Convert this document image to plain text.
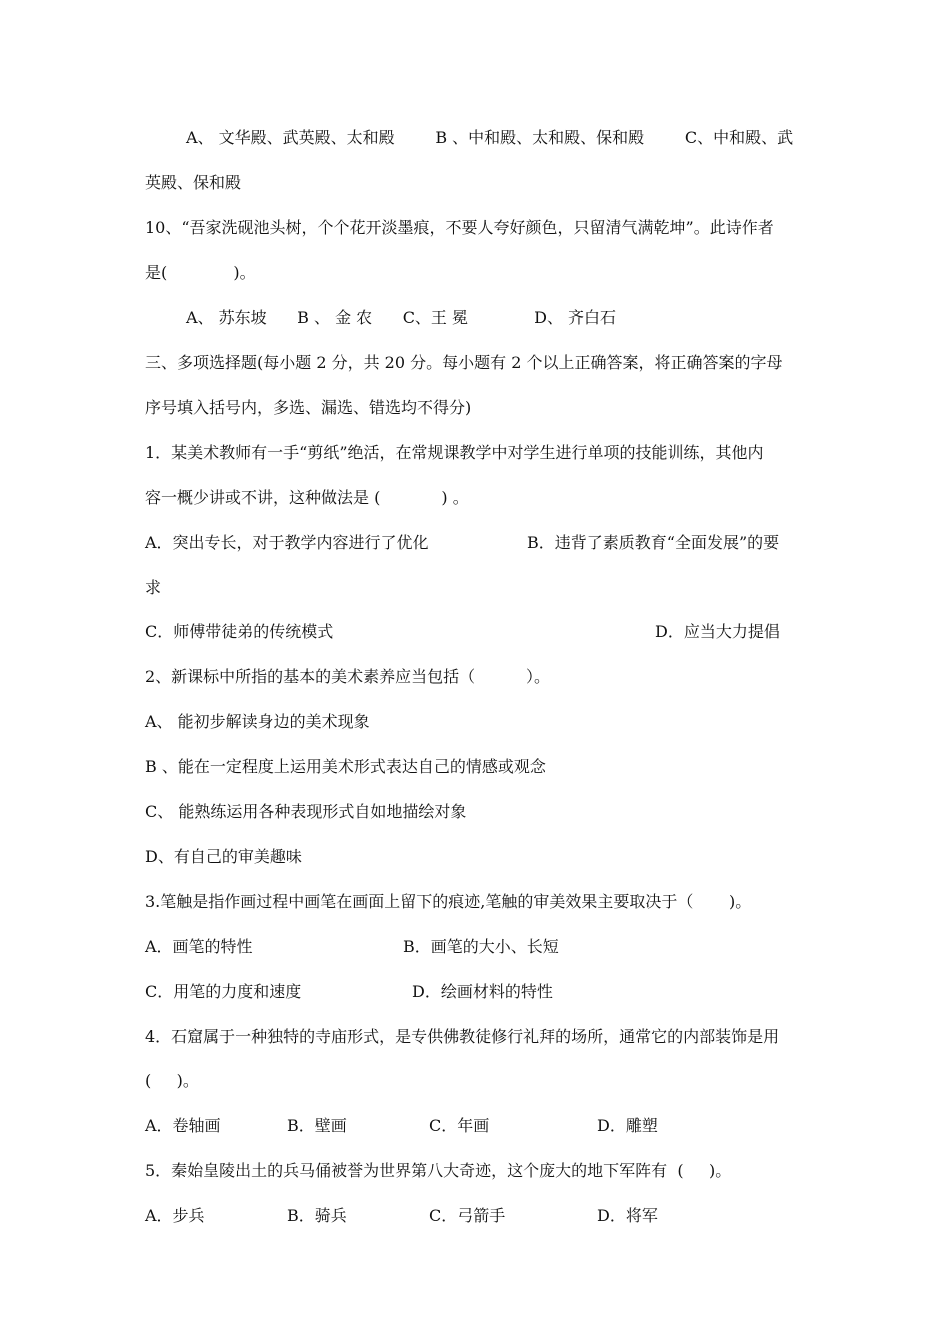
A、 文华殿、武英殿、太和殿        B 、中和殿、太和殿、保和殿        C、中和殿、武
英殿、保和殿
10、“吾家洗砚池头树，个个花开淡墨痕，不要人夸好颜色，只留清气满乾坤”。此诗作者
是(             )。
A、 苏东坡      B 、 金 农      C、王 冕             D、 齐白石
三、多项选择题(每小题 2 分，共 20 分。每小题有 2 个以上正确答案，将正确答案的字母
序号填入括号内，多选、漏选、错选均不得分)
1．某美术教师有一手“剪纸”绝活，在常规课教学中对学生进行单项的技能训练，其他内
容一概少讲或不讲，这种做法是 (            ) 。
A．突出专长，对于教学内容进行了优化	B．违背了素质教育“全面发展”的要
求
C．师傅带徒弟的传统模式	D．应当大力提倡
2、新课标中所指的基本的美术素养应当包括（          ）。
A、 能初步解读身边的美术现象
B 、能在一定程度上运用美术形式表达自己的情感或观念
C、 能熟练运用各种表现形式自如地描绘对象
D、有自己的审美趣味
3.笔触是指作画过程中画笔在画面上留下的痕迹,笔触的审美效果主要取决于（       )。
A．画笔的特性	B．画笔的大小、长短
C．用笔的力度和速度	D．绘画材料的特性
4．石窟属于一种独特的寺庙形式，是专供佛教徒修行礼拜的场所，通常它的内部装饰是用
(     )。
A．卷轴画	B．壁画	C．年画	D．雕塑
5．秦始皇陵出土的兵马俑被誉为世界第八大奇迹，这个庞大的地下军阵有  (     )。
A．步兵	B．骑兵	C．弓箭手	D．将军
